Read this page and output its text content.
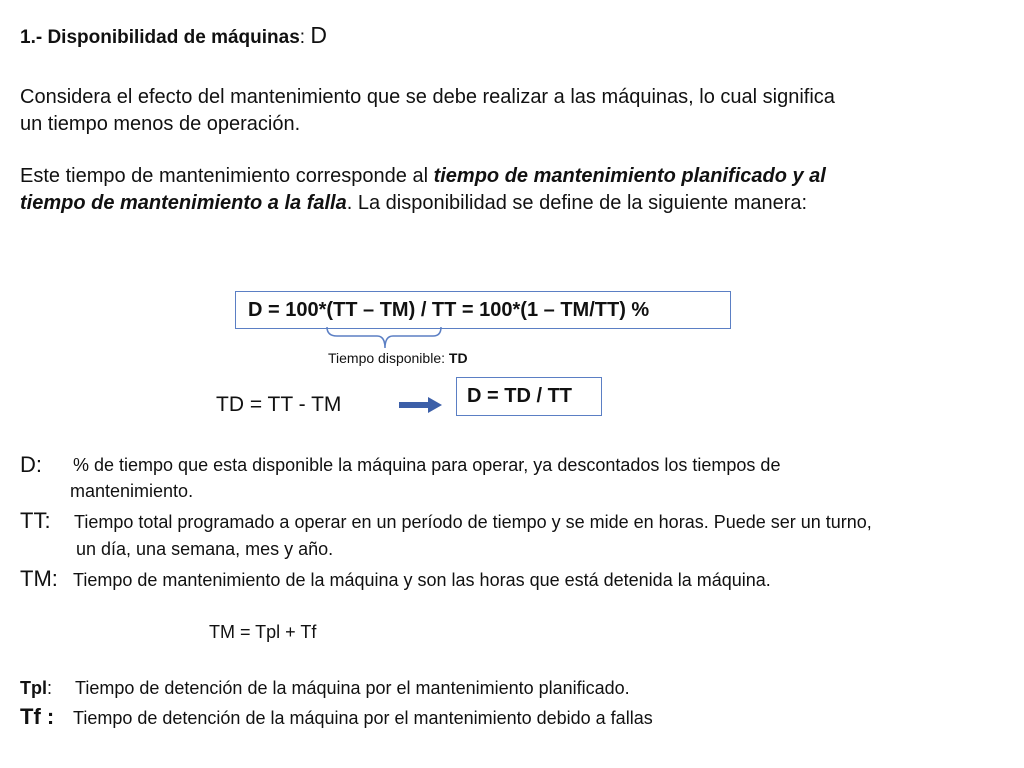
1.- Disponibilidad de máquinas: D
Considera el efecto del mantenimiento que se debe realizar a las máquinas, lo cual significa
un tiempo menos de operación.
Este tiempo de mantenimiento corresponde al tiempo de mantenimiento planificado y al
tiempo de mantenimiento a la falla. La disponibilidad se define de la siguiente manera:
D = 100*(TT – TM) / TT = 100*(1 – TM/TT) %
Tiempo disponible: TD
TD = TT - TM	D = TD / TT
D: % de tiempo que esta disponible la máquina para operar, ya descontados los tiempos de
mantenimiento.
TT: Tiempo total programado a operar en un período de tiempo y se mide en horas. Puede ser un turno,
un día, una semana, mes y año.
TM: Tiempo de mantenimiento de la máquina y son las horas que está detenida la máquina.
TM = Tpl + Tf
Tpl: Tiempo de detención de la máquina por el mantenimiento planificado.
Tf : Tiempo de detención de la máquina por el mantenimiento debido a fallas
